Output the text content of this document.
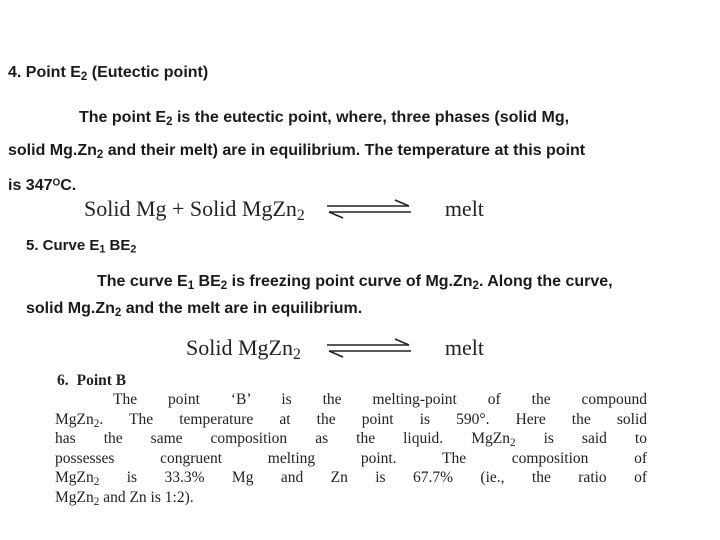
4. Point $E_2$ (Eutectic point)
The point $E_2$ is the eutectic point, where, three phases (solid Mg,
solid $Mg.Zn_2$ and their melt) are in equilibrium. The temperature at this point
is $347^OC$.
Solid Mg + Solid MgZn$_2$	melt
5. Curve $E_1$ $BE_2$
The curve $E_1$ $BE_2$ is freezing point curve of $Mg.Zn_2$. Along the curve,
solid $Mg.Zn_2$ and the melt are in equilibrium.
Solid MgZn$_2$	melt
6. Point B
The point ‘B’ is the melting-point of the compound
MgZn$_2$. The temperature at the point is 590°. Here the solid
has the same composition as the liquid. MgZn$_2$ is said to
possesses congruent melting point. The composition of
MgZn$_2$ is 33.3% Mg and Zn is 67.7% (ie., the ratio of
MgZn$_2$ and Zn is 1:2).
